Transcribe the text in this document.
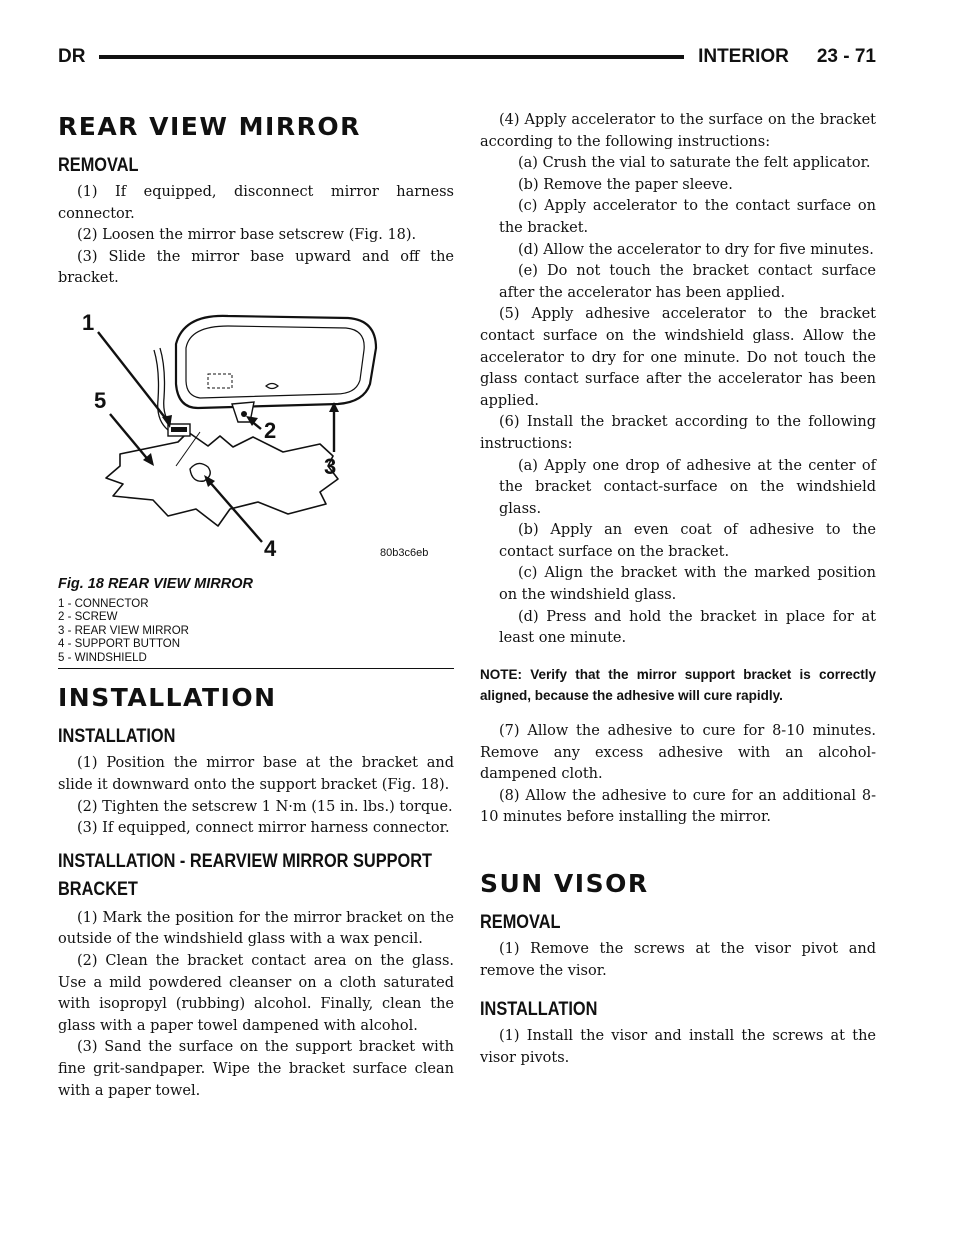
DR	INTERIOR 23 - 71
REAR VIEW MIRROR
REMOVAL

(1) If equipped, disconnect mirror harness connector.

(2) Loosen the mirror base setscrew (Fig. 18).

(3) Slide the mirror base upward and off the bracket.

1
5
2
3
4	80b3c6eb
Fig. 18 REAR VIEW MIRROR
1 - CONNECTOR
2 - SCREW
3 - REAR VIEW MIRROR
4 - SUPPORT BUTTON
5 - WINDSHIELD
INSTALLATION
INSTALLATION

(1) Position the mirror base at the bracket and slide it downward onto the support bracket (Fig. 18).

(2) Tighten the setscrew 1 N·m (15 in. lbs.) torque.

(3) If equipped, connect mirror harness connector.

INSTALLATION - REARVIEW MIRROR SUPPORT BRACKET

(1) Mark the position for the mirror bracket on the outside of the windshield glass with a wax pencil.

(2) Clean the bracket contact area on the glass. Use a mild powdered cleanser on a cloth saturated with isopropyl (rubbing) alcohol. Finally, clean the glass with a paper towel dampened with alcohol.

(3) Sand the surface on the support bracket with fine grit-sandpaper. Wipe the bracket surface clean with a paper towel.

(4) Apply accelerator to the surface on the bracket according to the following instructions:

(a) Crush the vial to saturate the felt applicator.

(b) Remove the paper sleeve.

(c) Apply accelerator to the contact surface on the bracket.

(d) Allow the accelerator to dry for five minutes.

(e) Do not touch the bracket contact surface after the accelerator has been applied.

(5) Apply adhesive accelerator to the bracket contact surface on the windshield glass. Allow the accelerator to dry for one minute. Do not touch the glass contact surface after the accelerator has been applied.

(6) Install the bracket according to the following instructions:

(a) Apply one drop of adhesive at the center of the bracket contact-surface on the windshield glass.

(b) Apply an even coat of adhesive to the contact surface on the bracket.

(c) Align the bracket with the marked position on the windshield glass.

(d) Press and hold the bracket in place for at least one minute.

NOTE: Verify that the mirror support bracket is correctly aligned, because the adhesive will cure rapidly.

(7) Allow the adhesive to cure for 8-10 minutes. Remove any excess adhesive with an alcohol-dampened cloth.

(8) Allow the adhesive to cure for an additional 8-10 minutes before installing the mirror.

SUN VISOR
REMOVAL

(1) Remove the screws at the visor pivot and remove the visor.

INSTALLATION

(1) Install the visor and install the screws at the visor pivots.
